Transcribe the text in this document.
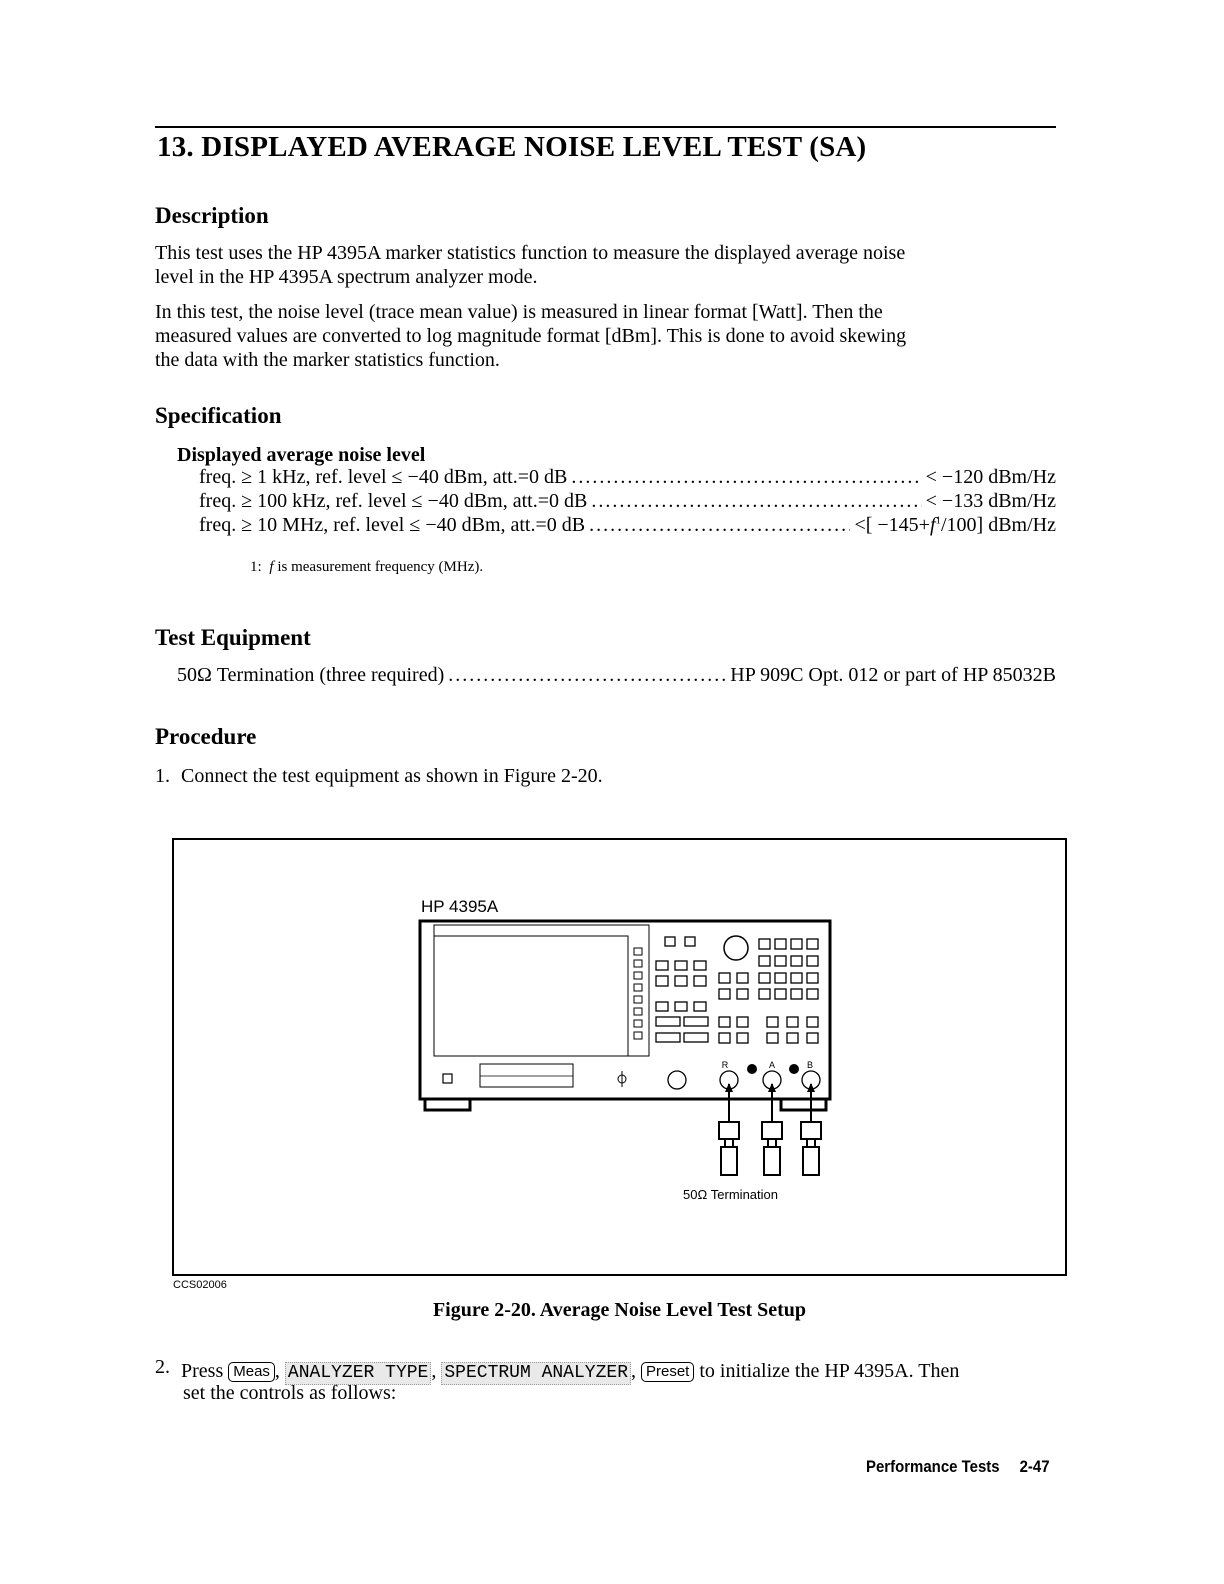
13. DISPLAYED AVERAGE NOISE LEVEL TEST (SA)
Description
This test uses the HP 4395A marker statistics function to measure the displayed average noise
level in the HP 4395A spectrum analyzer mode.
In this test, the noise level (trace mean value) is measured in linear format [Watt]. Then the
measured values are converted to log magnitude format [dBm]. This is done to avoid skewing
the data with the marker statistics function.
Specification
Displayed average noise level
freq. ≥ 1 kHz, ref. level ≤ −40 dBm, att.=0 dB .....	< −120 dBm/Hz
freq. ≥ 100 kHz, ref. level ≤ −40 dBm, att.=0 dB .....	< −133 dBm/Hz
freq. ≥ 10 MHz, ref. level ≤ −40 dBm, att.=0 dB .....	<[ $-145+f^1/100$] dBm/Hz
1: f is measurement frequency (MHz).
Test Equipment
50Ω Termination (three required) .....	HP 909C Opt. 012 or part of HP 85032B
Procedure
1. Connect the test equipment as shown in Figure 2-20.
HP 4395A
R	A	B
50Ω Termination
CCS02006
Figure 2-20. Average Noise Level Test Setup
2. Press Meas , ANALYZER TYPE , SPECTRUM ANALYZER , Preset to initialize the HP 4395A. Then
set the controls as follows:
Performance Tests 2-47
